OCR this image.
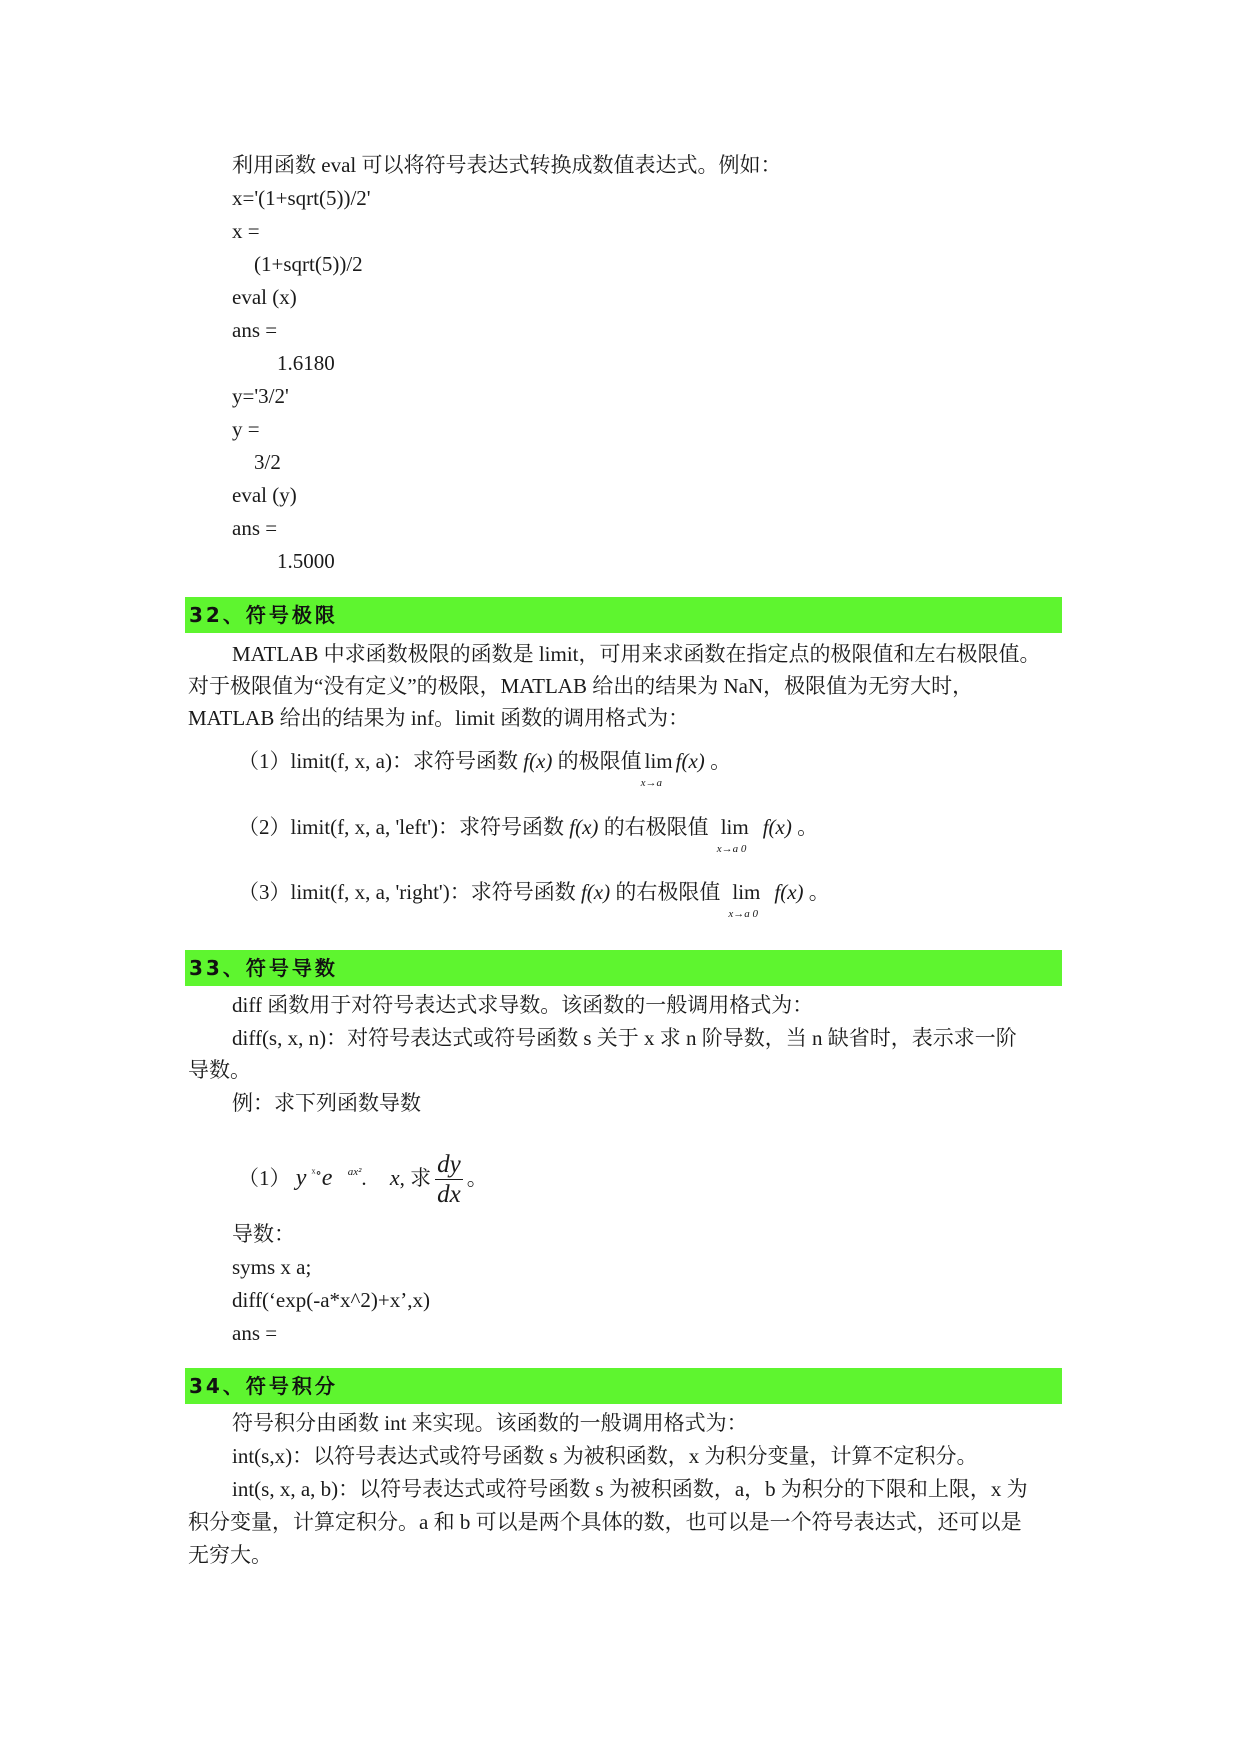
利用函数 eval 可以将符号表达式转换成数值表达式。例如：
x='(1+sqrt(5))/2'
x =
(1+sqrt(5))/2
eval (x)
ans =
1.6180
y='3/2'
y =
3/2
eval (y)
ans =
1.5000
32、符号极限
MATLAB 中求函数极限的函数是 limit，可用来求函数在指定点的极限值和左右极限值。
对于极限值为“没有定义”的极限，MATLAB 给出的结果为 NaN，极限值为无穷大时，
MATLAB 给出的结果为 inf。limit 函数的调用格式为：
（1）limit(f, x, a)：求符号函数 f(x) 的极限值 lim
x→a
f(x) 。
（2）limit(f, x, a, 'left')：求符号函数 f(x) 的右极限值 lim
x→a 0
f(x) 。
（3）limit(f, x, a, 'right')：求符号函数 f(x) 的右极限值 lim
x→a 0
f(x) 。
33、符号导数
diff 函数用于对符号表达式求导数。该函数的一般调用格式为：
diff(s, x, n)：对符号表达式或符号函数 s 关于 x 求 n 阶导数，当 n 缺省时，表示求一阶
导数。
例：求下列函数导数
（1） y $^{ˣ\circ}$e $^{ax^2}$. x, 求 $\frac{dy}{dx}$ 。
导数：
syms x a;
diff(‘exp(-a*x^2)+x’,x)
ans =
34、符号积分
符号积分由函数 int 来实现。该函数的一般调用格式为：
int(s,x)：以符号表达式或符号函数 s 为被积函数，x 为积分变量，计算不定积分。
int(s, x, a, b)：以符号表达式或符号函数 s 为被积函数，a，b 为积分的下限和上限，x 为
积分变量，计算定积分。a 和 b 可以是两个具体的数，也可以是一个符号表达式，还可以是
无穷大。
